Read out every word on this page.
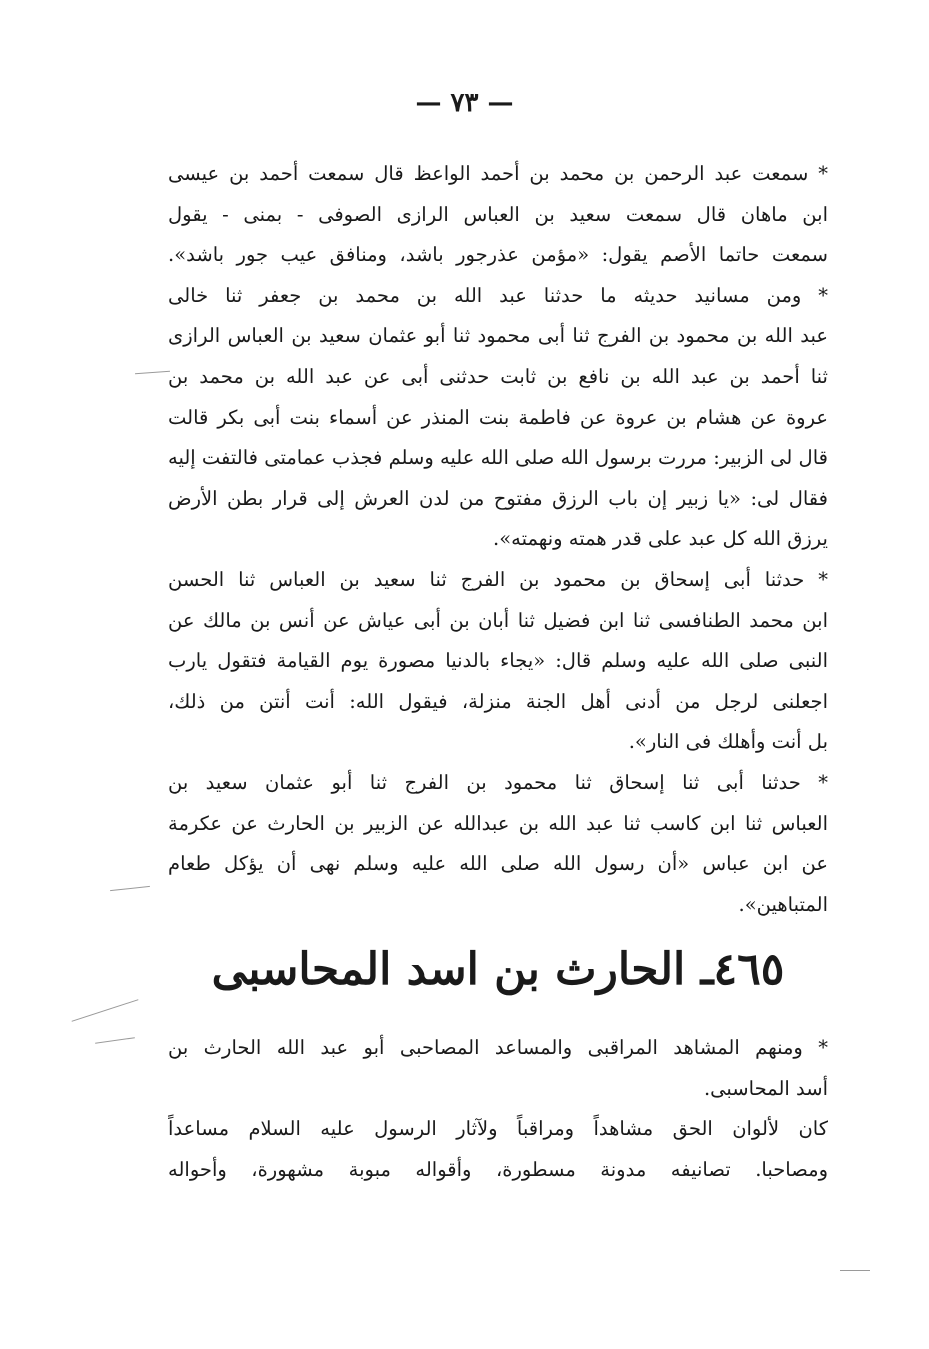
— ٧٣ —
* سمعت عبد الرحمن بن محمد بن أحمد الواعظ قال سمعت أحمد بن عيسى
ابن ماهان قال سمعت سعيد بن العباس الرازى الصوفى - بمنى - يقول
سمعت حاتما الأصم يقول: «مؤمن عذرجور باشد، ومنافق عيب جور باشد».
* ومن مسانيد حديثه ما حدثنا عبد الله بن محمد بن جعفر ثنا خالى
عبد الله بن محمود بن الفرج ثنا أبى محمود ثنا أبو عثمان سعيد بن العباس الرازى
ثنا أحمد بن عبد الله بن نافع بن ثابت حدثنى أبى عن عبد الله بن محمد بن
عروة عن هشام بن عروة عن فاطمة بنت المنذر عن أسماء بنت أبى بكر قالت
قال لى الزبير: مررت برسول الله صلى الله عليه وسلم فجذب عمامتى فالتفت إليه
فقال لى: «يا زبير إن باب الرزق مفتوح من لدن العرش إلى قرار بطن الأرض
يرزق الله كل عبد على قدر همته ونهمته».
* حدثنا أبى إسحاق بن محمود بن الفرج ثنا سعيد بن العباس ثنا الحسن
ابن محمد الطنافسى ثنا ابن فضيل ثنا أبان بن أبى عياش عن أنس بن مالك عن
النبى صلى الله عليه وسلم قال: «يجاء بالدنيا مصورة يوم القيامة فتقول يارب
اجعلنى لرجل من أدنى أهل الجنة منزلة، فيقول الله: أنت أنتن من ذلك،
بل أنت وأهلك فى النار».
* حدثنا أبى ثنا إسحاق ثنا محمود بن الفرج ثنا أبو عثمان سعيد بن
العباس ثنا ابن كاسب ثنا عبد الله بن عبدالله عن الزبير بن الحارث عن عكرمة
عن ابن عباس «أن رسول الله صلى الله عليه وسلم نهى أن يؤكل طعام
المتباهين».
٤٦٥ـ الحارث بن اسد المحاسبى
* ومنهم المشاهد المراقبى والمساعد المصاحبى أبو عبد الله الحارث بن
أسد المحاسبى.
كان لألوان الحق مشاهداً ومراقباً ولآثار الرسول عليه السلام مساعداً
ومصاحبا. تصانيفه مدونة مسطورة، وأقواله مبوبة مشهورة، وأحواله
